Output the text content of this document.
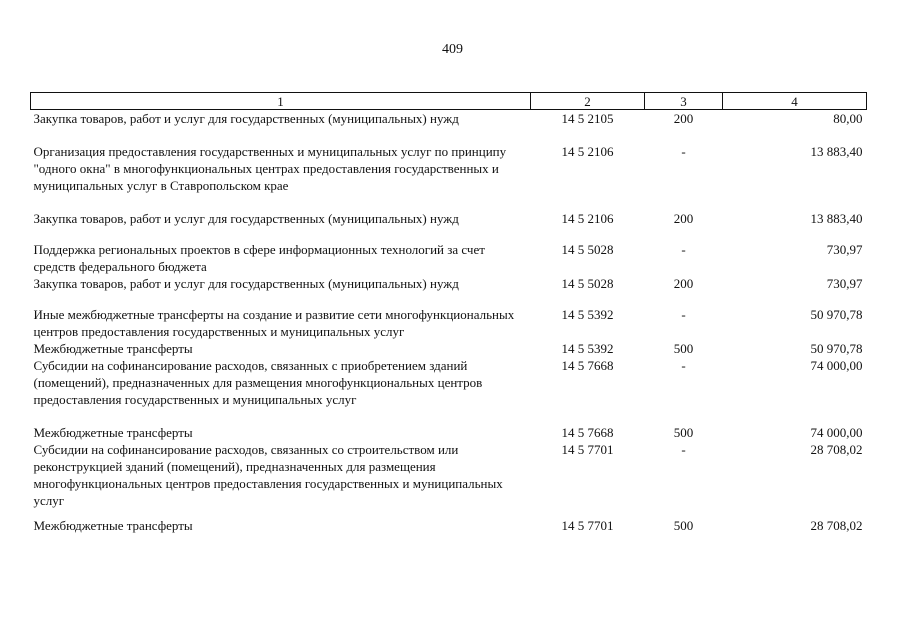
409
1	2	3	4
Закупка товаров, работ и услуг для государственных (муниципальных) нужд	14 5 2105	200	80,00
Организация предоставления государственных и муниципальных услуг по принципу "одного окна" в многофункциональных центрах предоставления государственных и муниципальных услуг в Ставропольском крае	14 5 2106	-	13 883,40
Закупка товаров, работ и услуг для государственных (муниципальных) нужд	14 5 2106	200	13 883,40
Поддержка региональных проектов в сфере информационных технологий за счет средств федерального бюджета	14 5 5028	-	730,97
Закупка товаров, работ и услуг для государственных (муниципальных) нужд	14 5 5028	200	730,97
Иные межбюджетные трансферты на создание и развитие сети многофункциональных центров предоставления государственных и муниципальных услуг	14 5 5392	-	50 970,78
Межбюджетные трансферты	14 5 5392	500	50 970,78
Субсидии на софинансирование расходов, связанных с приобретением зданий (помещений), предназначенных для размещения многофункциональных центров предоставления государственных и муниципальных услуг	14 5 7668	-	74 000,00
Межбюджетные трансферты	14 5 7668	500	74 000,00
Субсидии на софинансирование расходов, связанных со строительством или реконструкцией зданий (помещений), предназначенных для размещения многофункциональных центров предоставления государственных и муниципальных услуг	14 5 7701	-	28 708,02
Межбюджетные трансферты	14 5 7701	500	28 708,02
